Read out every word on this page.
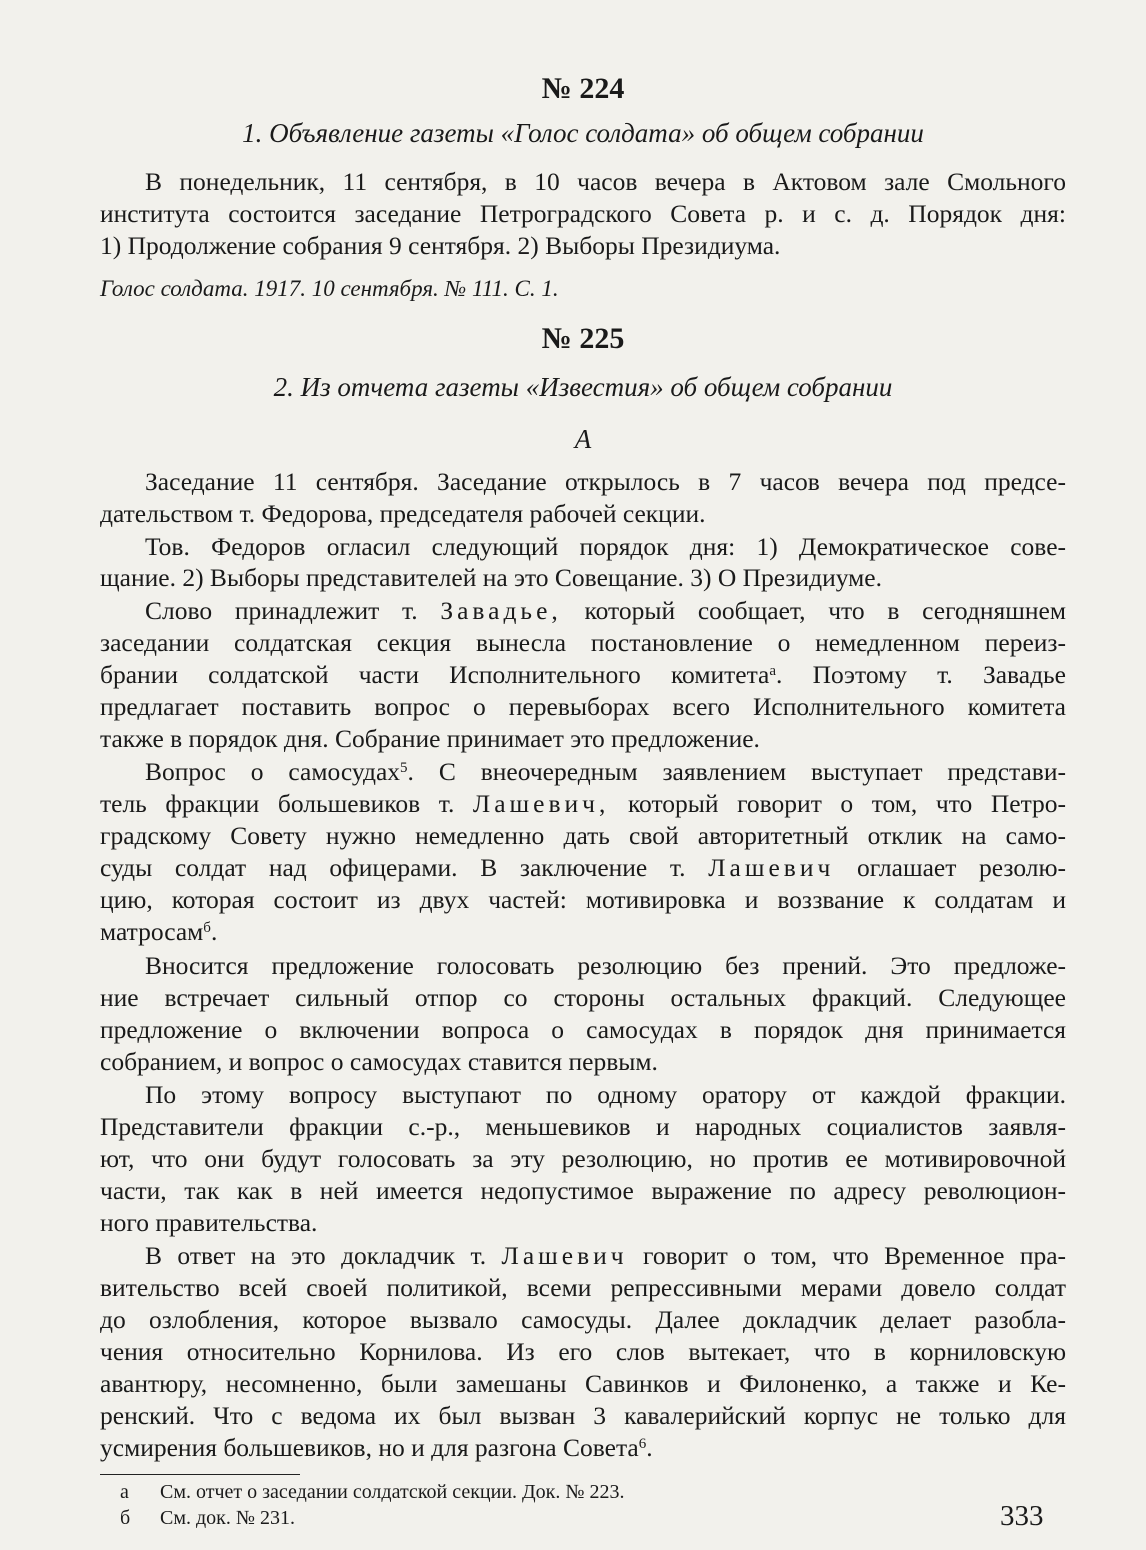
№ 224
1. Объявление газеты «Голос солдата» об общем собрании
В понедельник, 11 сентября, в 10 часов вечера в Актовом зале Смольного
института состоится заседание Петроградского Совета р. и с. д. Порядок дня:
1) Продолжение собрания 9 сентября. 2) Выборы Президиума.
Голос солдата. 1917. 10 сентября. № 111. С. 1.
№ 225
2. Из отчета газеты «Известия» об общем собрании
А
Заседание 11 сентября. Заседание открылось в 7 часов вечера под предсе-
дательством т. Федорова, председателя рабочей секции.
Тов. Федоров огласил следующий порядок дня: 1) Демократическое сове-
щание. 2) Выборы представителей на это Совещание. 3) О Президиуме.
Слово принадлежит т. Завадье, который сообщает, что в сегодняшнем
заседании солдатская секция вынесла постановление о немедленном переиз-
брании солдатской части Исполнительного комитета$^а$. Поэтому т. Завадье
предлагает поставить вопрос о перевыборах всего Исполнительного комитета
также в порядок дня. Собрание принимает это предложение.
Вопрос о самосудах$^5$. С внеочередным заявлением выступает представи-
тель фракции большевиков т. Лашевич, который говорит о том, что Петро-
градскому Совету нужно немедленно дать свой авторитетный отклик на само-
суды солдат над офицерами. В заключение т. Лашевич оглашает резолю-
цию, которая состоит из двух частей: мотивировка и воззвание к солдатам и
матросам$^б$.
Вносится предложение голосовать резолюцию без прений. Это предложе-
ние встречает сильный отпор со стороны остальных фракций. Следующее
предложение о включении вопроса о самосудах в порядок дня принимается
собранием, и вопрос о самосудах ставится первым.
По этому вопросу выступают по одному оратору от каждой фракции.
Представители фракции с.-р., меньшевиков и народных социалистов заявля-
ют, что они будут голосовать за эту резолюцию, но против ее мотивировочной
части, так как в ней имеется недопустимое выражение по адресу революцион-
ного правительства.
В ответ на это докладчик т. Лашевич говорит о том, что Временное пра-
вительство всей своей политикой, всеми репрессивными мерами довело солдат
до озлобления, которое вызвало самосуды. Далее докладчик делает разобла-
чения относительно Корнилова. Из его слов вытекает, что в корниловскую
авантюру, несомненно, были замешаны Савинков и Филоненко, а также и Ке-
ренский. Что с ведома их был вызван 3 кавалерийский корпус не только для
усмирения большевиков, но и для разгона Совета$^6$.
а См. отчет о заседании солдатской секции. Док. № 223.
б См. док. № 231.	333
